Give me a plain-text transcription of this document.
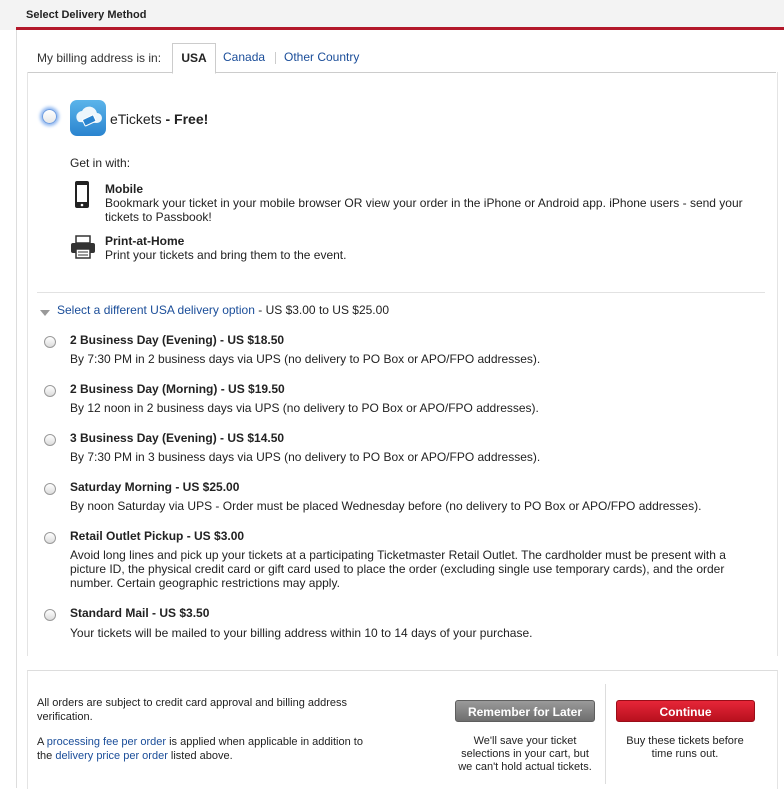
Select Delivery Method
My billing address is in:	USA	Canada Other Country
eTickets - Free!
Get in with:
Mobile
Bookmark your ticket in your mobile browser OR view your order in the iPhone or Android app. iPhone users - send your
tickets to Passbook!
Print-at-Home
Print your tickets and bring them to the event.
Select a different USA delivery option - US $3.00 to US $25.00
2 Business Day (Evening) - US $18.50
By 7:30 PM in 2 business days via UPS (no delivery to PO Box or APO/FPO addresses).
2 Business Day (Morning) - US $19.50
By 12 noon in 2 business days via UPS (no delivery to PO Box or APO/FPO addresses).
3 Business Day (Evening) - US $14.50
By 7:30 PM in 3 business days via UPS (no delivery to PO Box or APO/FPO addresses).
Saturday Morning - US $25.00
By noon Saturday via UPS - Order must be placed Wednesday before (no delivery to PO Box or APO/FPO addresses).
Retail Outlet Pickup - US $3.00
Avoid long lines and pick up your tickets at a participating Ticketmaster Retail Outlet. The cardholder must be present with a
picture ID, the physical credit card or gift card used to place the order (excluding single use temporary cards), and the order
number. Certain geographic restrictions may apply.
Standard Mail - US $3.50
Your tickets will be mailed to your billing address within 10 to 14 days of your purchase.
All orders are subject to credit card approval and billing address
verification.
A processing fee per order is applied when applicable in addition to
the delivery price per order listed above.
Remember for Later
We'll save your ticket
selections in your cart, but
we can't hold actual tickets.
Continue
Buy these tickets before
time runs out.
